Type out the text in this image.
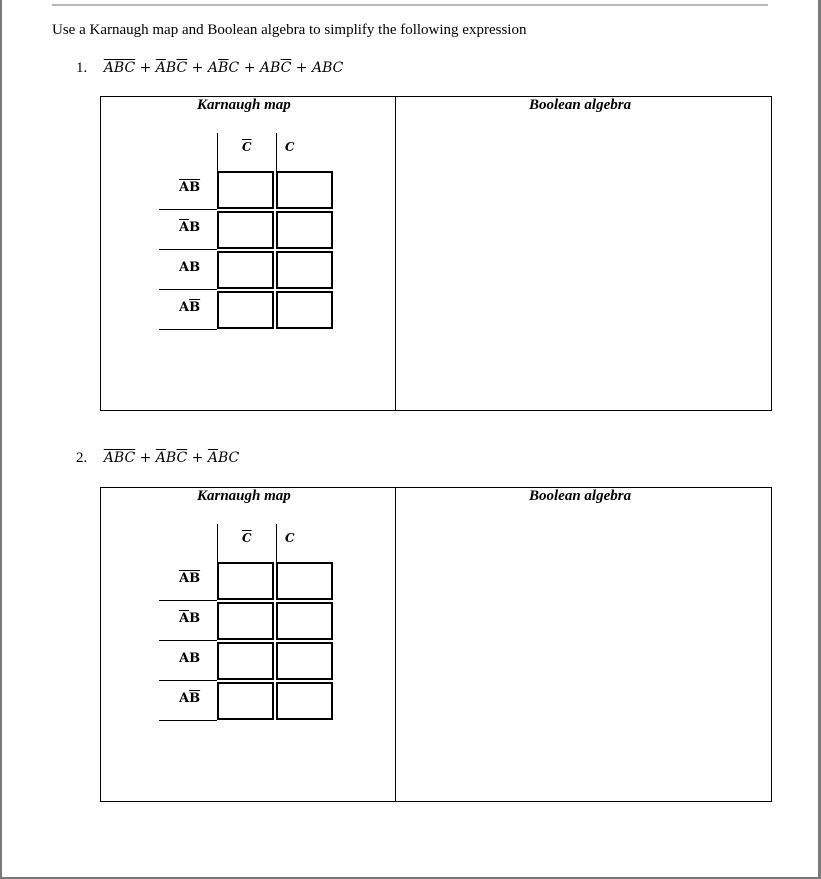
Use a Karnaugh map and Boolean algebra to simplify the following expression
1. $\overline{A}\overline{B}\overline{C} + \overline{A}B\overline{C} + A\overline{B}C + AB\overline{C}$ + ABC
Karnaugh map	Boolean algebra
$\overline{C}$	C
$\overline{AB}$
$\overline{A}B$
AB
$A\overline{B}$
2. $\overline{A}\overline{B}\overline{C} + \overline{A}B\overline{C} + \overline{A}BC$
Karnaugh map	Boolean algebra
$\overline{C}$	C
$\overline{AB}$
$\overline{A}B$
AB
$A\overline{B}$
